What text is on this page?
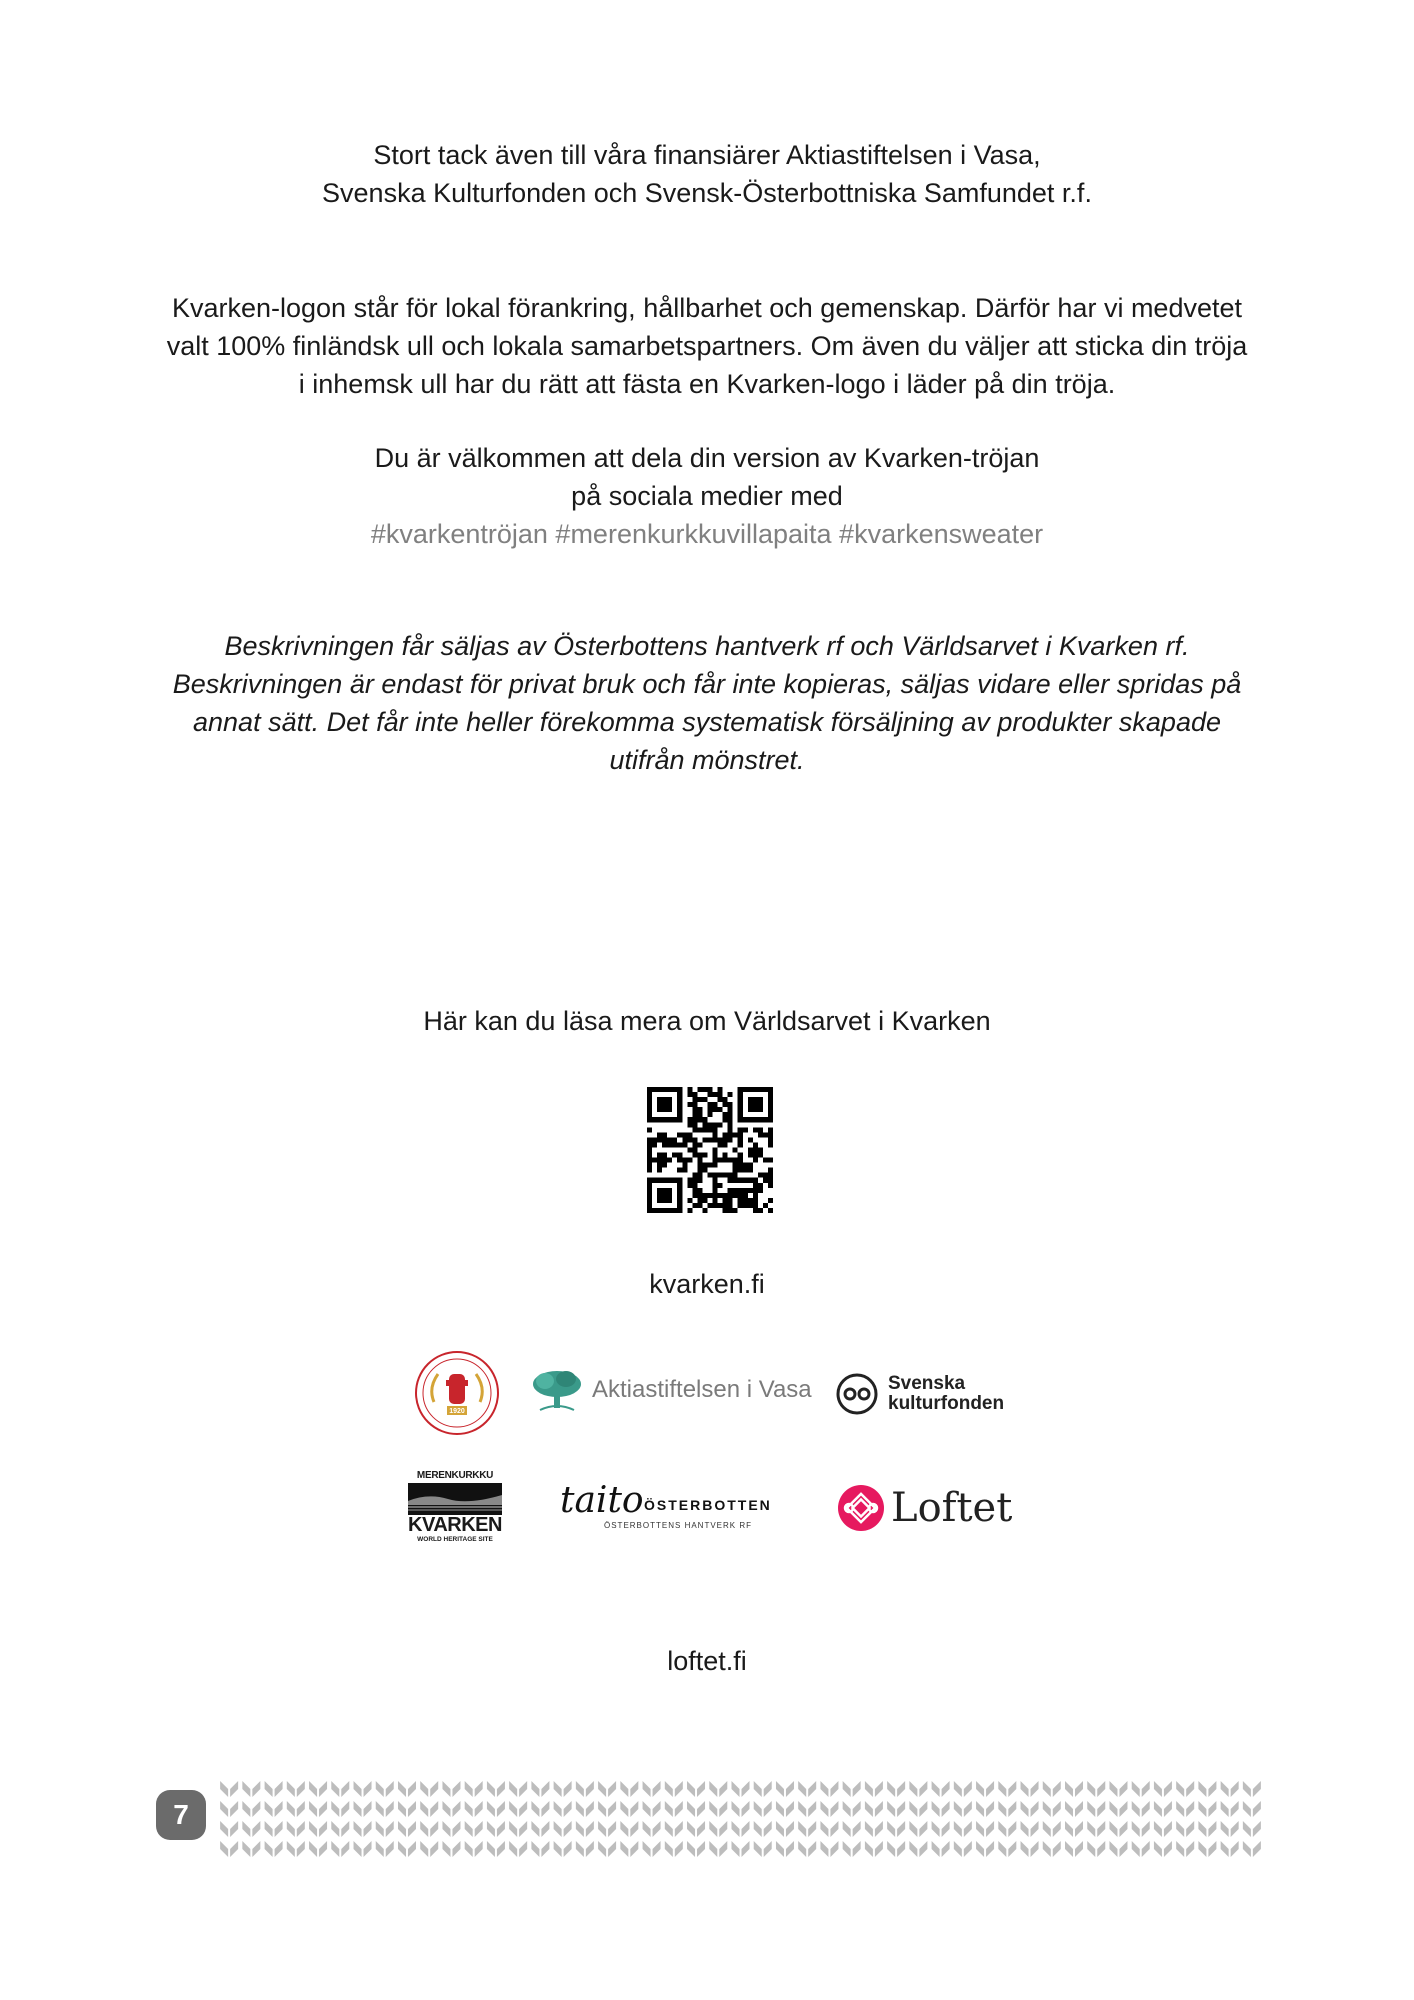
Stort tack även till våra finansiärer Aktiastiftelsen i Vasa,
Svenska Kulturfonden och Svensk-Österbottniska Samfundet r.f.
Kvarken-logon står för lokal förankring, hållbarhet och gemenskap. Därför har vi medvetet
valt 100% finländsk ull och lokala samarbetspartners. Om även du väljer att sticka din tröja
i inhemsk ull har du rätt att fästa en Kvarken-logo i läder på din tröja.
Du är välkommen att dela din version av Kvarken-tröjan
på sociala medier med
#kvarkentröjan #merenkurkkuvillapaita #kvarkensweater
Beskrivningen får säljas av Österbottens hantverk rf och Världsarvet i Kvarken rf.
Beskrivningen är endast för privat bruk och får inte kopieras, säljas vidare eller spridas på
annat sätt. Det får inte heller förekomma systematisk försäljning av produkter skapade
utifrån mönstret.
Här kan du läsa mera om Världsarvet i Kvarken
kvarken.fi
1920
Aktiastiftelsen i Vasa	Svenska
kulturfonden
MERENKURKKU
KVARKEN
WORLD HERITAGE SITE
taito ÖSTERBOTTEN
ÖSTERBOTTENS HANTVERK RF	Loftet
loftet.fi
7
